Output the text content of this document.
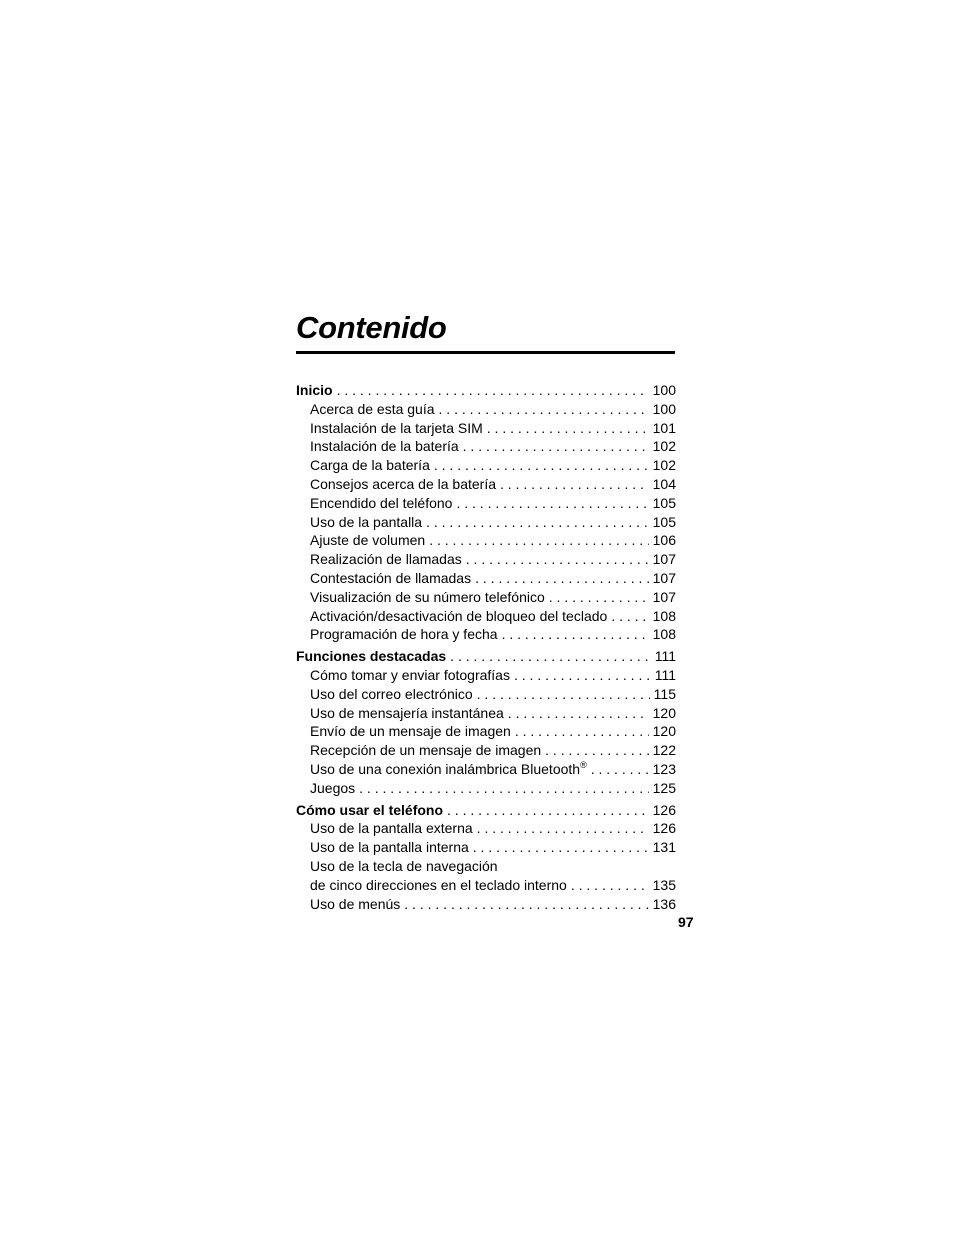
Contenido
Inicio . . .	100
Acerca de esta guía . . .	100
Instalación de la tarjeta SIM . . .	101
Instalación de la batería . . .	102
Carga de la batería . . .	102
Consejos acerca de la batería . . .	104
Encendido del teléfono . . .	105
Uso de la pantalla . . .	105
Ajuste de volumen . . .	106
Realización de llamadas . . .	107
Contestación de llamadas . . .	107
Visualización de su número telefónico . . .	107
Activación/desactivación de bloqueo del teclado . . .	108
Programación de hora y fecha . . .	108
Funciones destacadas . . .	111
Cómo tomar y enviar fotografías . . .	111
Uso del correo electrónico . . .	115
Uso de mensajería instantánea . . .	120
Envío de un mensaje de imagen . . .	120
Recepción de un mensaje de imagen . . .	122
Uso de una conexión inalámbrica Bluetooth® . . .	123
Juegos . . .	125
Cómo usar el teléfono . . .	126
Uso de la pantalla externa . . .	126
Uso de la pantalla interna . . .	131
Uso de la tecla de navegación
de cinco direcciones en el teclado interno . . .	135
Uso de menús . . .	136
97
